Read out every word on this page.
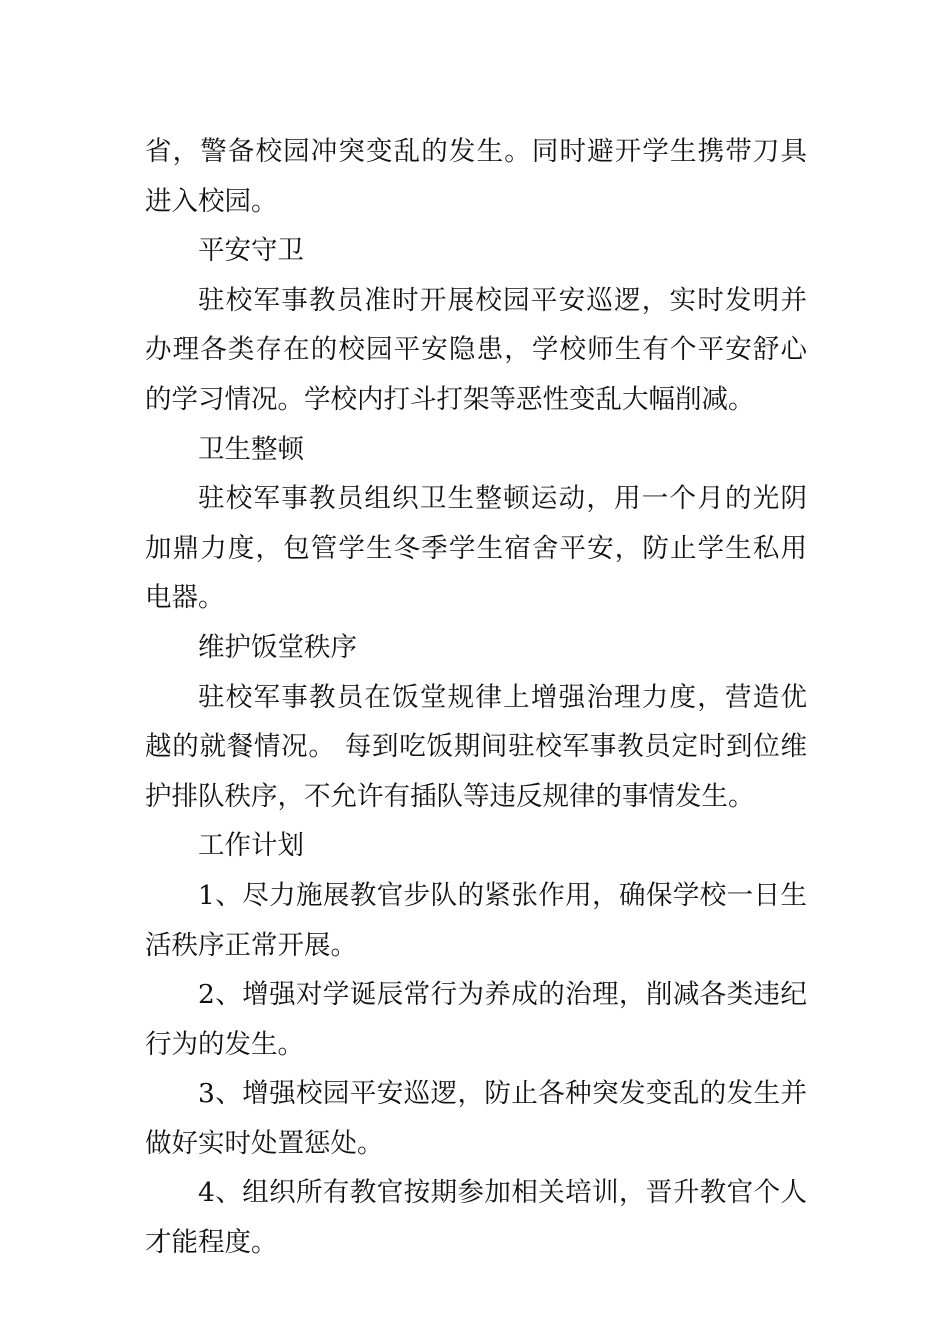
省，警备校园冲突变乱的发生。同时避开学生携带刀具进入校园。

平安守卫

驻校军事教员准时开展校园平安巡逻，实时发明并办理各类存在的校园平安隐患，学校师生有个平安舒心的学习情况。学校内打斗打架等恶性变乱大幅削减。

卫生整顿

驻校军事教员组织卫生整顿运动，用一个月的光阴加鼎力度，包管学生冬季学生宿舍平安，防止学生私用电器。

维护饭堂秩序

驻校军事教员在饭堂规律上增强治理力度，营造优越的就餐情况。 每到吃饭期间驻校军事教员定时到位维护排队秩序，不允许有插队等违反规律的事情发生。

工作计划

1、尽力施展教官步队的紧张作用，确保学校一日生活秩序正常开展。

2、增强对学诞辰常行为养成的治理，削减各类违纪行为的发生。

3、增强校园平安巡逻，防止各种突发变乱的发生并做好实时处置惩处。

4、组织所有教官按期参加相关培训，晋升教官个人才能程度。
